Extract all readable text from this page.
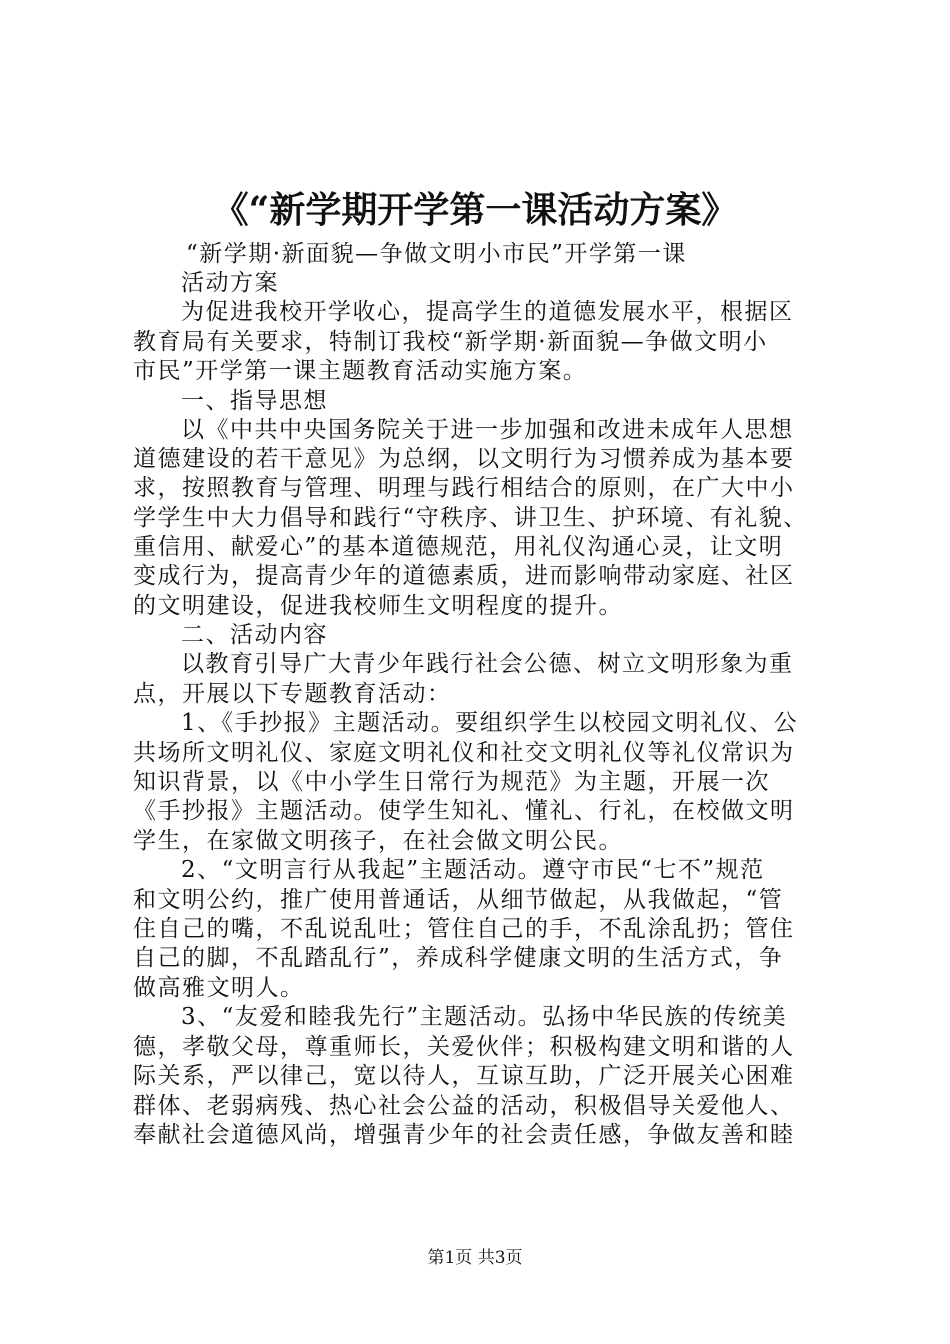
《“新学期开学第一课活动方案》
“新学期·新面貌—争做文明小市民”开学第一课
活动方案
为促进我校开学收心，提高学生的道德发展水平，根据区
教育局有关要求，特制订我校“新学期·新面貌—争做文明小
市民”开学第一课主题教育活动实施方案。
一、指导思想
以《中共中央国务院关于进一步加强和改进未成年人思想
道德建设的若干意见》为总纲，以文明行为习惯养成为基本要
求，按照教育与管理、明理与践行相结合的原则，在广大中小
学学生中大力倡导和践行“守秩序、讲卫生、护环境、有礼貌、
重信用、献爱心”的基本道德规范，用礼仪沟通心灵，让文明
变成行为，提高青少年的道德素质，进而影响带动家庭、社区
的文明建设，促进我校师生文明程度的提升。
二、活动内容
以教育引导广大青少年践行社会公德、树立文明形象为重
点，开展以下专题教育活动：
1、《手抄报》主题活动。要组织学生以校园文明礼仪、公
共场所文明礼仪、家庭文明礼仪和社交文明礼仪等礼仪常识为
知识背景，以《中小学生日常行为规范》为主题，开展一次
《手抄报》主题活动。使学生知礼、懂礼、行礼，在校做文明
学生，在家做文明孩子，在社会做文明公民。
2、“文明言行从我起”主题活动。遵守市民“七不”规范
和文明公约，推广使用普通话，从细节做起，从我做起，“管
住自己的嘴，不乱说乱吐；管住自己的手，不乱涂乱扔；管住
自己的脚，不乱踏乱行”，养成科学健康文明的生活方式，争
做高雅文明人。
3、“友爱和睦我先行”主题活动。弘扬中华民族的传统美
德，孝敬父母，尊重师长，关爱伙伴；积极构建文明和谐的人
际关系，严以律己，宽以待人，互谅互助，广泛开展关心困难
群体、老弱病残、热心社会公益的活动，积极倡导关爱他人、
奉献社会道德风尚，增强青少年的社会责任感，争做友善和睦
第1页 共3页
